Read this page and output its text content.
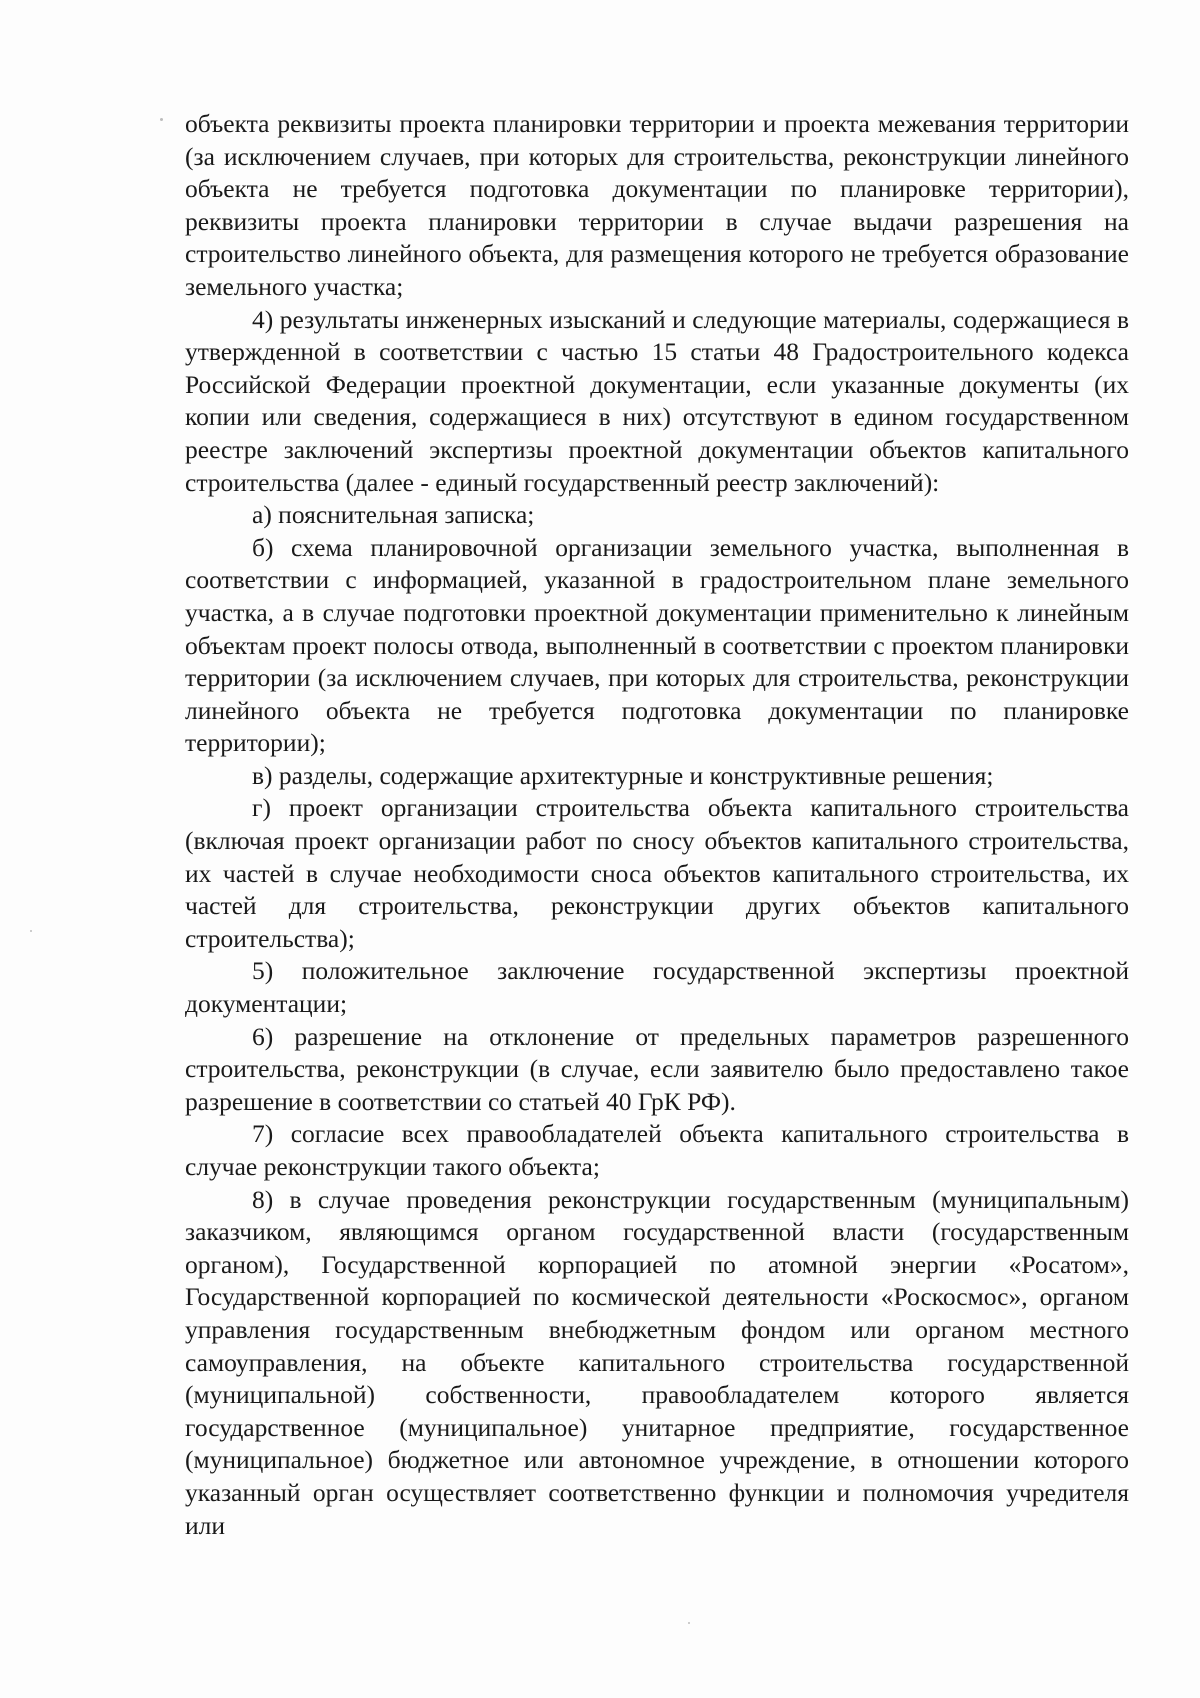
объекта реквизиты проекта планировки территории и проекта межевания территории (за исключением случаев, при которых для строительства, реконструкции линейного объекта не требуется подготовка документации по планировке территории), реквизиты проекта планировки территории в случае выдачи разрешения на строительство линейного объекта, для размещения которого не требуется образование земельного участка;

4) результаты инженерных изысканий и следующие материалы, содержащиеся в утвержденной в соответствии с частью 15 статьи 48 Градостроительного кодекса Российской Федерации проектной документации, если указанные документы (их копии или сведения, содержащиеся в них) отсутствуют в едином государственном реестре заключений экспертизы проектной документации объектов капитального строительства (далее - единый государственный реестр заключений):

а) пояснительная записка;

б) схема планировочной организации земельного участка, выполненная в соответствии с информацией, указанной в градостроительном плане земельного участка, а в случае подготовки проектной документации применительно к линейным объектам проект полосы отвода, выполненный в соответствии с проектом планировки территории (за исключением случаев, при которых для строительства, реконструкции линейного объекта не требуется подготовка документации по планировке территории);

в) разделы, содержащие архитектурные и конструктивные решения;

г) проект организации строительства объекта капитального строительства (включая проект организации работ по сносу объектов капитального строительства, их частей в случае необходимости сноса объектов капитального строительства, их частей для строительства, реконструкции других объектов капитального строительства);

5) положительное заключение государственной экспертизы проектной документации;

6) разрешение на отклонение от предельных параметров разрешенного строительства, реконструкции (в случае, если заявителю было предоставлено такое разрешение в соответствии со статьей 40 ГрК РФ).

7) согласие всех правообладателей объекта капитального строительства в случае реконструкции такого объекта;

8) в случае проведения реконструкции государственным (муниципальным) заказчиком, являющимся органом государственной власти (государственным органом), Государственной корпорацией по атомной энергии «Росатом», Государственной корпорацией по космической деятельности «Роскосмос», органом управления государственным внебюджетным фондом или органом местного самоуправления, на объекте капитального строительства государственной (муниципальной) собственности, правообладателем которого является государственное (муниципальное) унитарное предприятие, государственное (муниципальное) бюджетное или автономное учреждение, в отношении которого указанный орган осуществляет соответственно функции и полномочия учредителя или
